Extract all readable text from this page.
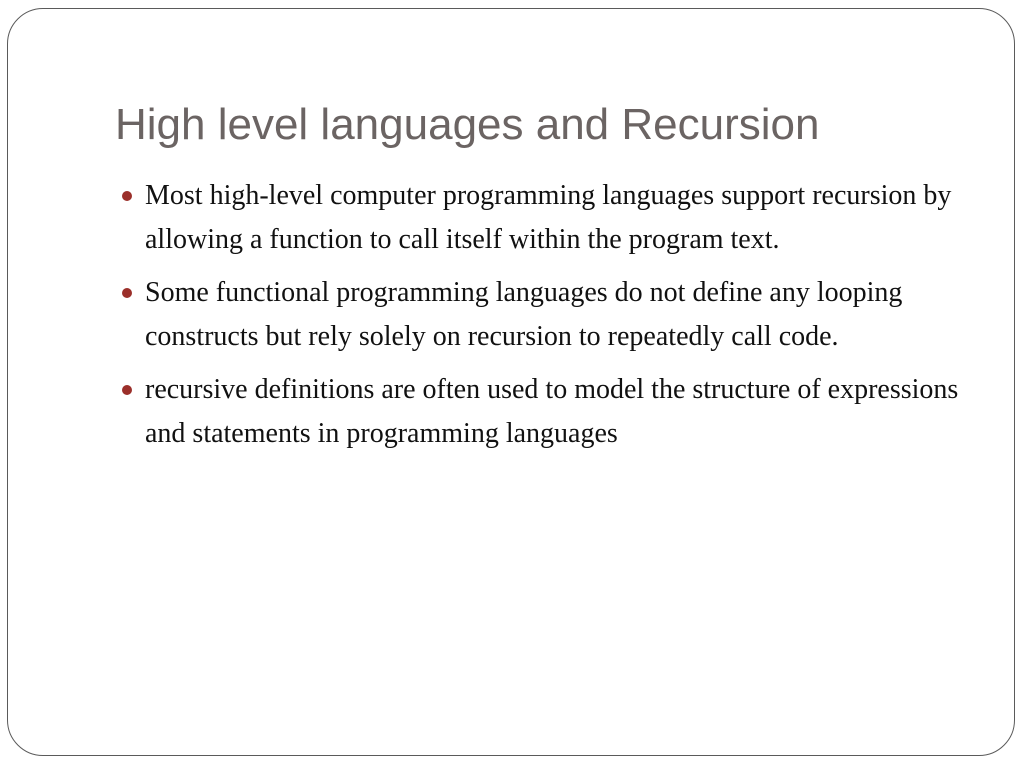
High level languages and Recursion
Most high-level computer programming languages support recursion by allowing a function to call itself within the program text.
Some functional programming languages do not define any looping constructs but rely solely on recursion to repeatedly call code.
recursive definitions are often used to model the structure of expressions and statements in programming languages
